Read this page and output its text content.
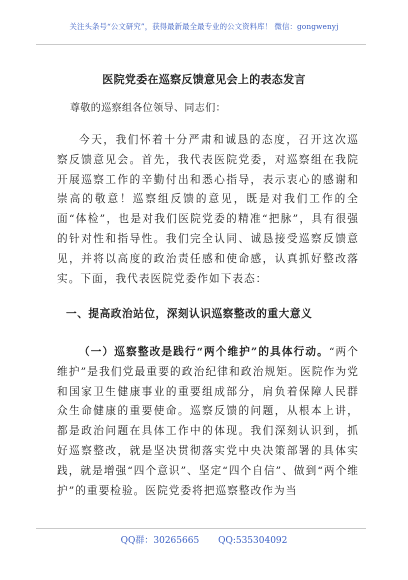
关注头条号“公文研究”，获得最新最全最专业的公文资料库！ 微信：gongwenyj
医院党委在巡察反馈意见会上的表态发言
尊敬的巡察组各位领导、同志们：

今天，我们怀着十分严肃和诚恳的态度，召开这次巡察反馈意见会。首先，我代表医院党委，对巡察组在我院开展巡察工作的辛勤付出和悉心指导，表示衷心的感谢和崇高的敬意！巡察组反馈的意见，既是对我们工作的全面“体检”，也是对我们医院党委的精准“把脉”，具有很强的针对性和指导性。我们完全认同、诚恳接受巡察反馈意见，并将以高度的政治责任感和使命感，认真抓好整改落实。下面，我代表医院党委作如下表态：

一、提高政治站位，深刻认识巡察整改的重大意义

（一）巡察整改是践行“两个维护”的具体行动。“两个维护”是我们党最重要的政治纪律和政治规矩。医院作为党和国家卫生健康事业的重要组成部分，肩负着保障人民群众生命健康的重要使命。巡察反馈的问题，从根本上讲，都是政治问题在具体工作中的体现。我们深刻认识到，抓好巡察整改，就是坚决贯彻落实党中央决策部署的具体实践，就是增强“四个意识”、坚定“四个自信”、做到“两个维护”的重要检验。医院党委将把巡察整改作为当

QQ群：30265665 QQ:535304092
